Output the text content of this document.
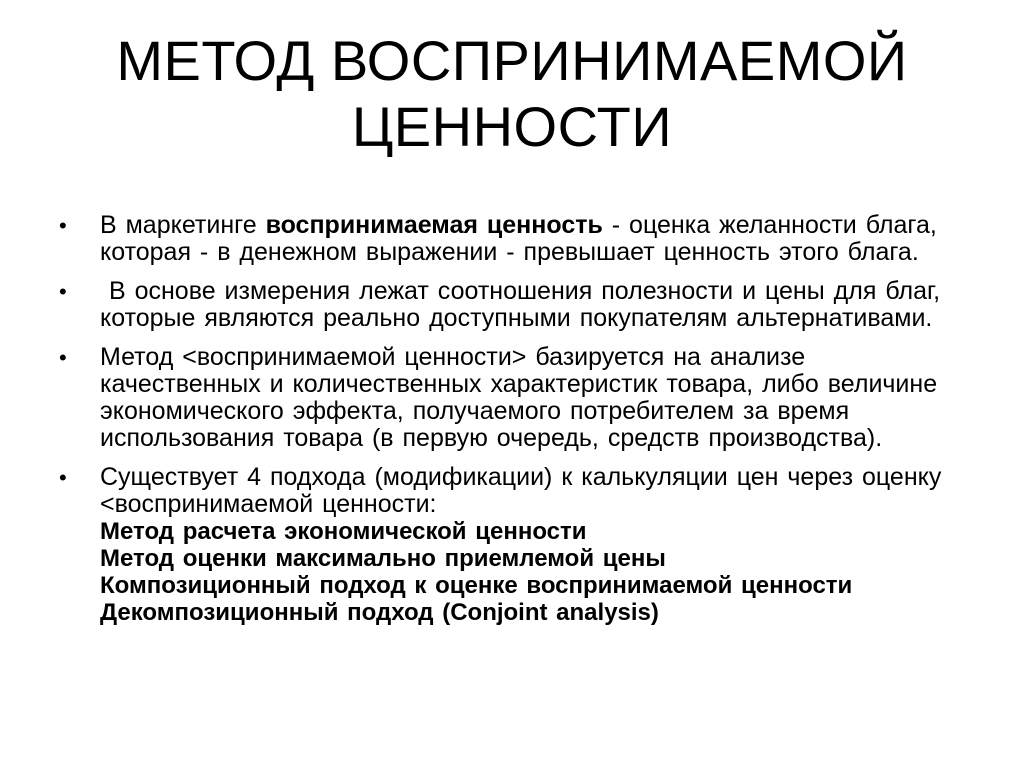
МЕТОД ВОСПРИНИМАЕМОЙ
ЦЕННОСТИ
• В маркетинге воспринимаемая ценность - оценка желанности блага, которая - в денежном выражении - превышает ценность этого блага.

• В основе измерения лежат соотношения полезности и цены для благ, которые являются реально доступными покупателям альтернативами.

• Метод <воспринимаемой ценности> базируется на анализе качественных и количественных характеристик товара, либо величине экономического эффекта, получаемого потребителем за время использования товара (в первую очередь, средств производства).

• Существует 4 подхода (модификации) к калькуляции цен через оценку <воспринимаемой ценности:

Метод расчета экономической ценности
Метод оценки максимально приемлемой цены
Композиционный подход к оценке воспринимаемой ценности
Декомпозиционный подход (Conjoint analysis)
